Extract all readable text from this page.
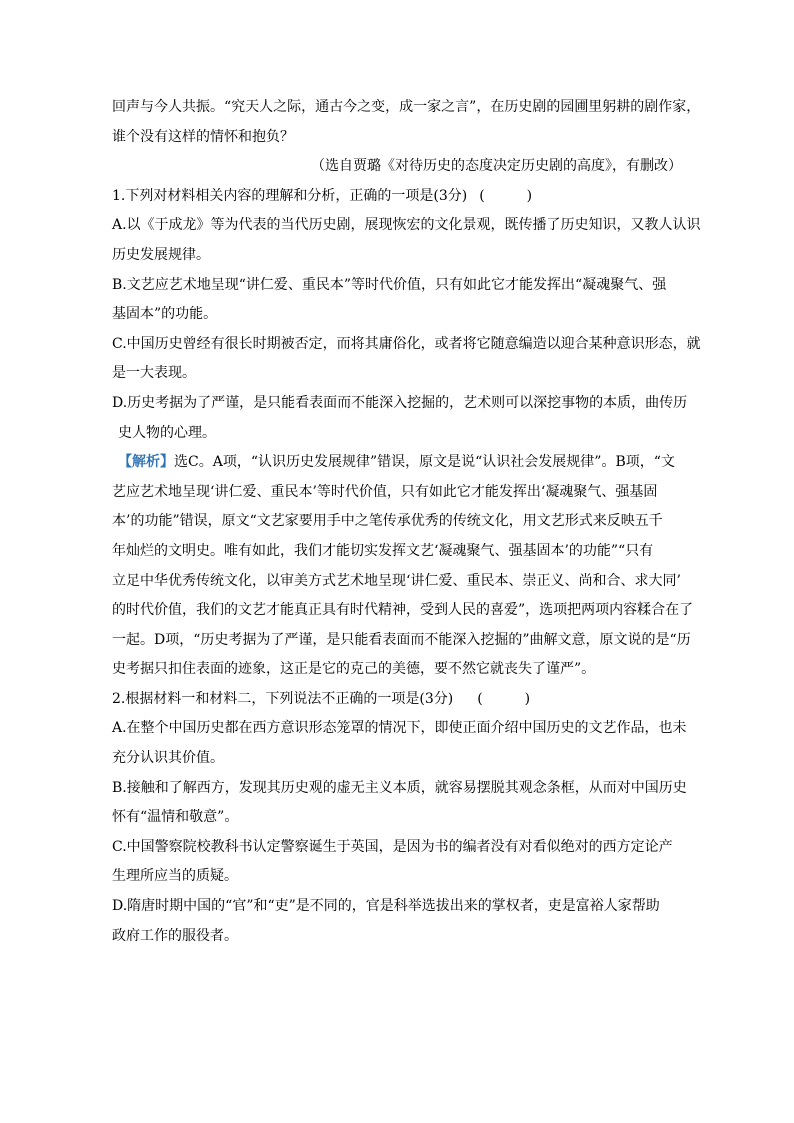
回声与今人共振。“究天人之际，通古今之变，成一家之言”，在历史剧的园圃里躬耕的剧作家，
谁个没有这样的情怀和抱负？
（选自贾璐《对待历史的态度决定历史剧的高度》，有删改）
1.下列对材料相关内容的理解和分析，正确的一项是(3分) (	)
A.以《于成龙》等为代表的当代历史剧，展现恢宏的文化景观，既传播了历史知识，又教人认识
历史发展规律。
B.文艺应艺术地呈现“讲仁爱、重民本”等时代价值，只有如此它才能发挥出“凝魂聚气、强
基固本”的功能。
C.中国历史曾经有很长时期被否定，而将其庸俗化，或者将它随意编造以迎合某种意识形态，就
是一大表现。
D.历史考据为了严谨，是只能看表面而不能深入挖掘的，艺术则可以深挖事物的本质，曲传历
史人物的心理。
【解析】选C。A项，“认识历史发展规律”错误，原文是说“认识社会发展规律”。B项，“文
艺应艺术地呈现‘讲仁爱、重民本’等时代价值，只有如此它才能发挥出‘凝魂聚气、强基固
本’的功能”错误，原文“文艺家要用手中之笔传承优秀的传统文化，用文艺形式来反映五千
年灿烂的文明史。唯有如此，我们才能切实发挥文艺‘凝魂聚气、强基固本’的功能”“只有
立足中华优秀传统文化，以审美方式艺术地呈现‘讲仁爱、重民本、崇正义、尚和合、求大同’
的时代价值，我们的文艺才能真正具有时代精神，受到人民的喜爱”，选项把两项内容糅合在了
一起。D项，“历史考据为了严谨，是只能看表面而不能深入挖掘的”曲解文意，原文说的是“历
史考据只扣住表面的迹象，这正是它的克己的美德，要不然它就丧失了谨严”。
2.根据材料一和材料二，下列说法不正确的一项是(3分) (	)
A.在整个中国历史都在西方意识形态笼罩的情况下，即使正面介绍中国历史的文艺作品，也未
充分认识其价值。
B.接触和了解西方，发现其历史观的虚无主义本质，就容易摆脱其观念条框，从而对中国历史
怀有“温情和敬意”。
C.中国警察院校教科书认定警察诞生于英国，是因为书的编者没有对看似绝对的西方定论产
生理所应当的质疑。
D.隋唐时期中国的“官”和“吏”是不同的，官是科举选拔出来的掌权者，吏是富裕人家帮助
政府工作的服役者。
